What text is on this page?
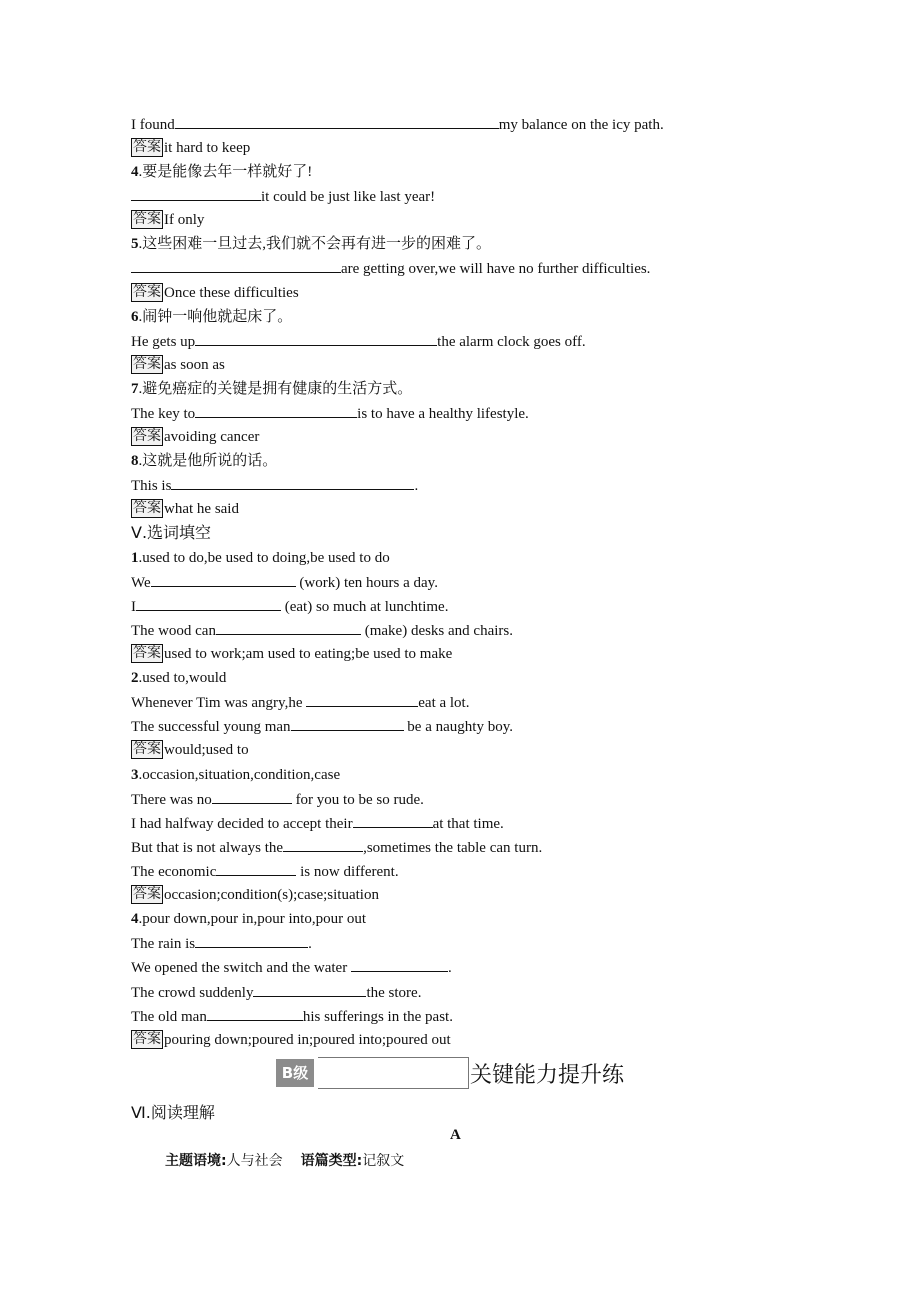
I found	my balance on the icy path.
答案 it hard to keep
4.要是能像去年一样就好了!
it could be just like last year!
答案 If only
5.这些困难一旦过去,我们就不会再有进一步的困难了。
are getting over,we will have no further difficulties.
答案 Once these difficulties
6.闹钟一响他就起床了。
He gets up	the alarm clock goes off.
答案 as soon as
7.避免癌症的关键是拥有健康的生活方式。
The key to	is to have a healthy lifestyle.
答案 avoiding cancer
8.这就是他所说的话。
This is	.
答案 what he said
Ⅴ.选词填空
1.used to do,be used to doing,be used to do
We	(work) ten hours a day.
I	(eat) so much at lunchtime.
The wood can	(make) desks and chairs.
答案 used to work;am used to eating;be used to make
2.used to,would
Whenever Tim was angry,he	eat a lot.
The successful young man	be a naughty boy.
答案 would;used to
3.occasion,situation,condition,case
There was no	for you to be so rude.
I had halfway decided to accept their	at that time.
But that is not always the	,sometimes the table can turn.
The economic	is now different.
答案 occasion;condition(s);case;situation
4.pour down,pour in,pour into,pour out
The rain is	.
We opened the switch and the water	.
The crowd suddenly	the store.
The old man	his sufferings in the past.
答案 pouring down;poured in;poured into;poured out
B级	关键能力提升练
Ⅵ.阅读理解
A
主题语境:人与社会 语篇类型:记叙文
